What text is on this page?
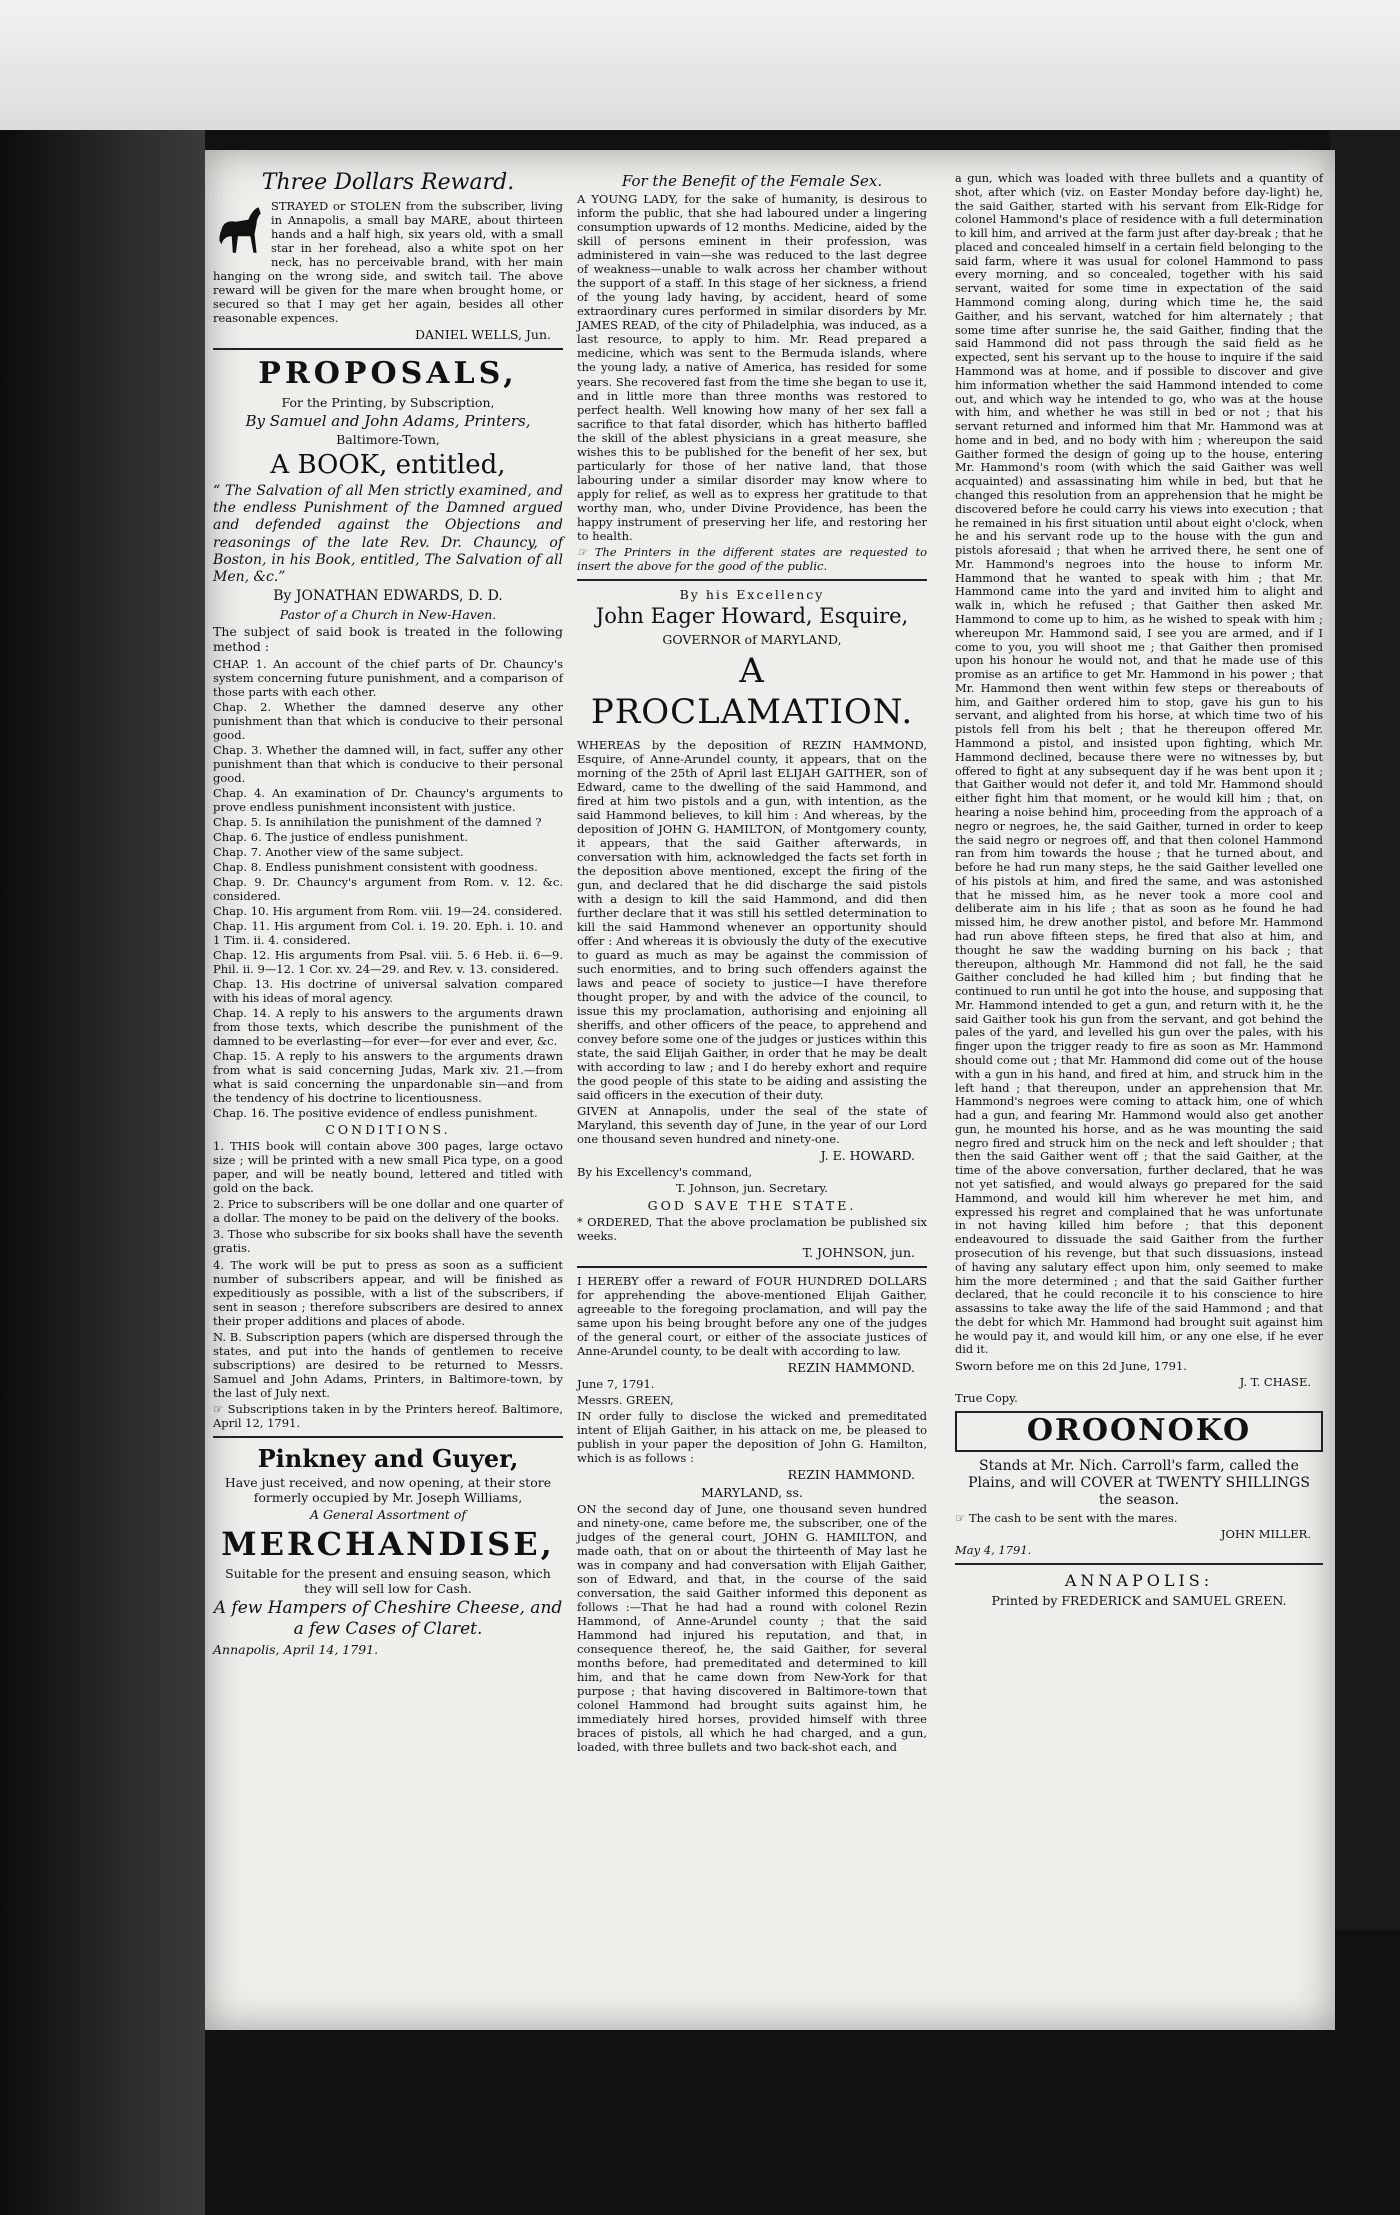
Three Dollars Reward.

STRAYED or STOLEN from the subscriber, living in Annapolis, a small bay MARE, about thirteen hands and a half high, six years old, with a small star in her forehead, also a white spot on her neck, has no perceivable brand, with her main hanging on the wrong side, and switch tail. The above reward will be given for the mare when brought home, or secured so that I may get her again, besides all other reasonable expences.

DANIEL WELLS, Jun.

PROPOSALS,

For the Printing, by Subscription,

By Samuel and John Adams, Printers,

Baltimore-Town,

A BOOK, entitled,

“ The Salvation of all Men strictly examined, and the endless Punishment of the Damned argued and defended against the Objections and reasonings of the late Rev. Dr. Chauncy, of Boston, in his Book, entitled, The Salvation of all Men, &c.”

By JONATHAN EDWARDS, D. D.

Pastor of a Church in New-Haven.

The subject of said book is treated in the following method :

CHAP. 1. An account of the chief parts of Dr. Chauncy's system concerning future punishment, and a comparison of those parts with each other.

Chap. 2. Whether the damned deserve any other punishment than that which is conducive to their personal good.

Chap. 3. Whether the damned will, in fact, suffer any other punishment than that which is conducive to their personal good.

Chap. 4. An examination of Dr. Chauncy's arguments to prove endless punishment inconsistent with justice.

Chap. 5. Is annihilation the punishment of the damned ?

Chap. 6. The justice of endless punishment.

Chap. 7. Another view of the same subject.

Chap. 8. Endless punishment consistent with goodness.

Chap. 9. Dr. Chauncy's argument from Rom. v. 12. &c. considered.

Chap. 10. His argument from Rom. viii. 19—24. considered.

Chap. 11. His argument from Col. i. 19. 20. Eph. i. 10. and 1 Tim. ii. 4. considered.

Chap. 12. His arguments from Psal. viii. 5. 6 Heb. ii. 6—9. Phil. ii. 9—12. 1 Cor. xv. 24—29. and Rev. v. 13. considered.

Chap. 13. His doctrine of universal salvation compared with his ideas of moral agency.

Chap. 14. A reply to his answers to the arguments drawn from those texts, which describe the punishment of the damned to be everlasting—for ever—for ever and ever, &c.

Chap. 15. A reply to his answers to the arguments drawn from what is said concerning Judas, Mark xiv. 21.—from what is said concerning the unpardonable sin—and from the tendency of his doctrine to licentiousness.

Chap. 16. The positive evidence of endless punishment.

CONDITIONS.

1. THIS book will contain above 300 pages, large octavo size ; will be printed with a new small Pica type, on a good paper, and will be neatly bound, lettered and titled with gold on the back.

2. Price to subscribers will be one dollar and one quarter of a dollar. The money to be paid on the delivery of the books.

3. Those who subscribe for six books shall have the seventh gratis.

4. The work will be put to press as soon as a sufficient number of subscribers appear, and will be finished as expeditiously as possible, with a list of the subscribers, if sent in season ; therefore subscribers are desired to annex their proper additions and places of abode.

N. B. Subscription papers (which are dispersed through the states, and put into the hands of gentlemen to receive subscriptions) are desired to be returned to Messrs. Samuel and John Adams, Printers, in Baltimore-town, by the last of July next.

☞ Subscriptions taken in by the Printers hereof. Baltimore, April 12, 1791.

Pinkney and Guyer,

Have just received, and now opening, at their store formerly occupied by Mr. Joseph Williams,

A General Assortment of

MERCHANDISE,

Suitable for the present and ensuing season, which they will sell low for Cash.

A few Hampers of Cheshire Cheese, and a few Cases of Claret.

Annapolis, April 14, 1791.

For the Benefit of the Female Sex.

A YOUNG LADY, for the sake of humanity, is desirous to inform the public, that she had laboured under a lingering consumption upwards of 12 months. Medicine, aided by the skill of persons eminent in their profession, was administered in vain—she was reduced to the last degree of weakness—unable to walk across her chamber without the support of a staff. In this stage of her sickness, a friend of the young lady having, by accident, heard of some extraordinary cures performed in similar disorders by Mr. JAMES READ, of the city of Philadelphia, was induced, as a last resource, to apply to him. Mr. Read prepared a medicine, which was sent to the Bermuda islands, where the young lady, a native of America, has resided for some years. She recovered fast from the time she began to use it, and in little more than three months was restored to perfect health. Well knowing how many of her sex fall a sacrifice to that fatal disorder, which has hitherto baffled the skill of the ablest physicians in a great measure, she wishes this to be published for the benefit of her sex, but particularly for those of her native land, that those labouring under a similar disorder may know where to apply for relief, as well as to express her gratitude to that worthy man, who, under Divine Providence, has been the happy instrument of preserving her life, and restoring her to health.

☞ The Printers in the different states are requested to insert the above for the good of the public.

By his Excellency

John Eager Howard, Esquire,

GOVERNOR of MARYLAND,

A PROCLAMATION.

WHEREAS by the deposition of REZIN HAMMOND, Esquire, of Anne-Arundel county, it appears, that on the morning of the 25th of April last ELIJAH GAITHER, son of Edward, came to the dwelling of the said Hammond, and fired at him two pistols and a gun, with intention, as the said Hammond believes, to kill him : And whereas, by the deposition of JOHN G. HAMILTON, of Montgomery county, it appears, that the said Gaither afterwards, in conversation with him, acknowledged the facts set forth in the deposition above mentioned, except the firing of the gun, and declared that he did discharge the said pistols with a design to kill the said Hammond, and did then further declare that it was still his settled determination to kill the said Hammond whenever an opportunity should offer : And whereas it is obviously the duty of the executive to guard as much as may be against the commission of such enormities, and to bring such offenders against the laws and peace of society to justice—I have therefore thought proper, by and with the advice of the council, to issue this my proclamation, authorising and enjoining all sheriffs, and other officers of the peace, to apprehend and convey before some one of the judges or justices within this state, the said Elijah Gaither, in order that he may be dealt with according to law ; and I do hereby exhort and require the good people of this state to be aiding and assisting the said officers in the execution of their duty.

GIVEN at Annapolis, under the seal of the state of Maryland, this seventh day of June, in the year of our Lord one thousand seven hundred and ninety-one.

J. E. HOWARD.

By his Excellency's command,

T. Johnson, jun. Secretary.

GOD SAVE THE STATE.

* ORDERED, That the above proclamation be published six weeks.

T. JOHNSON, jun.

I HEREBY offer a reward of FOUR HUNDRED DOLLARS for apprehending the above-mentioned Elijah Gaither, agreeable to the foregoing proclamation, and will pay the same upon his being brought before any one of the judges of the general court, or either of the associate justices of Anne-Arundel county, to be dealt with according to law.

REZIN HAMMOND.

June 7, 1791.

Messrs. GREEN,

IN order fully to disclose the wicked and premeditated intent of Elijah Gaither, in his attack on me, be pleased to publish in your paper the deposition of John G. Hamilton, which is as follows :

REZIN HAMMOND.

MARYLAND, ss.

ON the second day of June, one thousand seven hundred and ninety-one, came before me, the subscriber, one of the judges of the general court, JOHN G. HAMILTON, and made oath, that on or about the thirteenth of May last he was in company and had conversation with Elijah Gaither, son of Edward, and that, in the course of the said conversation, the said Gaither informed this deponent as follows :—That he had had a round with colonel Rezin Hammond, of Anne-Arundel county ; that the said Hammond had injured his reputation, and that, in consequence thereof, he, the said Gaither, for several months before, had premeditated and determined to kill him, and that he came down from New-York for that purpose ; that having discovered in Baltimore-town that colonel Hammond had brought suits against him, he immediately hired horses, provided himself with three braces of pistols, all which he had charged, and a gun, loaded, with three bullets and two back-shot each, and

a gun, which was loaded with three bullets and a quantity of shot, after which (viz. on Easter Monday before day-light) he, the said Gaither, started with his servant from Elk-Ridge for colonel Hammond's place of residence with a full determination to kill him, and arrived at the farm just after day-break ; that he placed and concealed himself in a certain field belonging to the said farm, where it was usual for colonel Hammond to pass every morning, and so concealed, together with his said servant, waited for some time in expectation of the said Hammond coming along, during which time he, the said Gaither, and his servant, watched for him alternately ; that some time after sunrise he, the said Gaither, finding that the said Hammond did not pass through the said field as he expected, sent his servant up to the house to inquire if the said Hammond was at home, and if possible to discover and give him information whether the said Hammond intended to come out, and which way he intended to go, who was at the house with him, and whether he was still in bed or not ; that his servant returned and informed him that Mr. Hammond was at home and in bed, and no body with him ; whereupon the said Gaither formed the design of going up to the house, entering Mr. Hammond's room (with which the said Gaither was well acquainted) and assassinating him while in bed, but that he changed this resolution from an apprehension that he might be discovered before he could carry his views into execution ; that he remained in his first situation until about eight o'clock, when he and his servant rode up to the house with the gun and pistols aforesaid ; that when he arrived there, he sent one of Mr. Hammond's negroes into the house to inform Mr. Hammond that he wanted to speak with him ; that Mr. Hammond came into the yard and invited him to alight and walk in, which he refused ; that Gaither then asked Mr. Hammond to come up to him, as he wished to speak with him ; whereupon Mr. Hammond said, I see you are armed, and if I come to you, you will shoot me ; that Gaither then promised upon his honour he would not, and that he made use of this promise as an artifice to get Mr. Hammond in his power ; that Mr. Hammond then went within few steps or thereabouts of him, and Gaither ordered him to stop, gave his gun to his servant, and alighted from his horse, at which time two of his pistols fell from his belt ; that he thereupon offered Mr. Hammond a pistol, and insisted upon fighting, which Mr. Hammond declined, because there were no witnesses by, but offered to fight at any subsequent day if he was bent upon it ; that Gaither would not defer it, and told Mr. Hammond should either fight him that moment, or he would kill him ; that, on hearing a noise behind him, proceeding from the approach of a negro or negroes, he, the said Gaither, turned in order to keep the said negro or negroes off, and that then colonel Hammond ran from him towards the house ; that he turned about, and before he had run many steps, he the said Gaither levelled one of his pistols at him, and fired the same, and was astonished that he missed him, as he never took a more cool and deliberate aim in his life ; that as soon as he found he had missed him, he drew another pistol, and before Mr. Hammond had run above fifteen steps, he fired that also at him, and thought he saw the wadding burning on his back ; that thereupon, although Mr. Hammond did not fall, he the said Gaither concluded he had killed him ; but finding that he continued to run until he got into the house, and supposing that Mr. Hammond intended to get a gun, and return with it, he the said Gaither took his gun from the servant, and got behind the pales of the yard, and levelled his gun over the pales, with his finger upon the trigger ready to fire as soon as Mr. Hammond should come out ; that Mr. Hammond did come out of the house with a gun in his hand, and fired at him, and struck him in the left hand ; that thereupon, under an apprehension that Mr. Hammond's negroes were coming to attack him, one of which had a gun, and fearing Mr. Hammond would also get another gun, he mounted his horse, and as he was mounting the said negro fired and struck him on the neck and left shoulder ; that then the said Gaither went off ; that the said Gaither, at the time of the above conversation, further declared, that he was not yet satisfied, and would always go prepared for the said Hammond, and would kill him wherever he met him, and expressed his regret and complained that he was unfortunate in not having killed him before ; that this deponent endeavoured to dissuade the said Gaither from the further prosecution of his revenge, but that such dissuasions, instead of having any salutary effect upon him, only seemed to make him the more determined ; and that the said Gaither further declared, that he could reconcile it to his conscience to hire assassins to take away the life of the said Hammond ; and that the debt for which Mr. Hammond had brought suit against him he would pay it, and would kill him, or any one else, if he ever did it.

Sworn before me on this 2d June, 1791.

J. T. CHASE.

True Copy.

OROONOKO

Stands at Mr. Nich. Carroll's farm, called the Plains, and will COVER at TWENTY SHILLINGS the season.

☞ The cash to be sent with the mares.

JOHN MILLER.

May 4, 1791.

ANNAPOLIS:

Printed by FREDERICK and SAMUEL GREEN.
